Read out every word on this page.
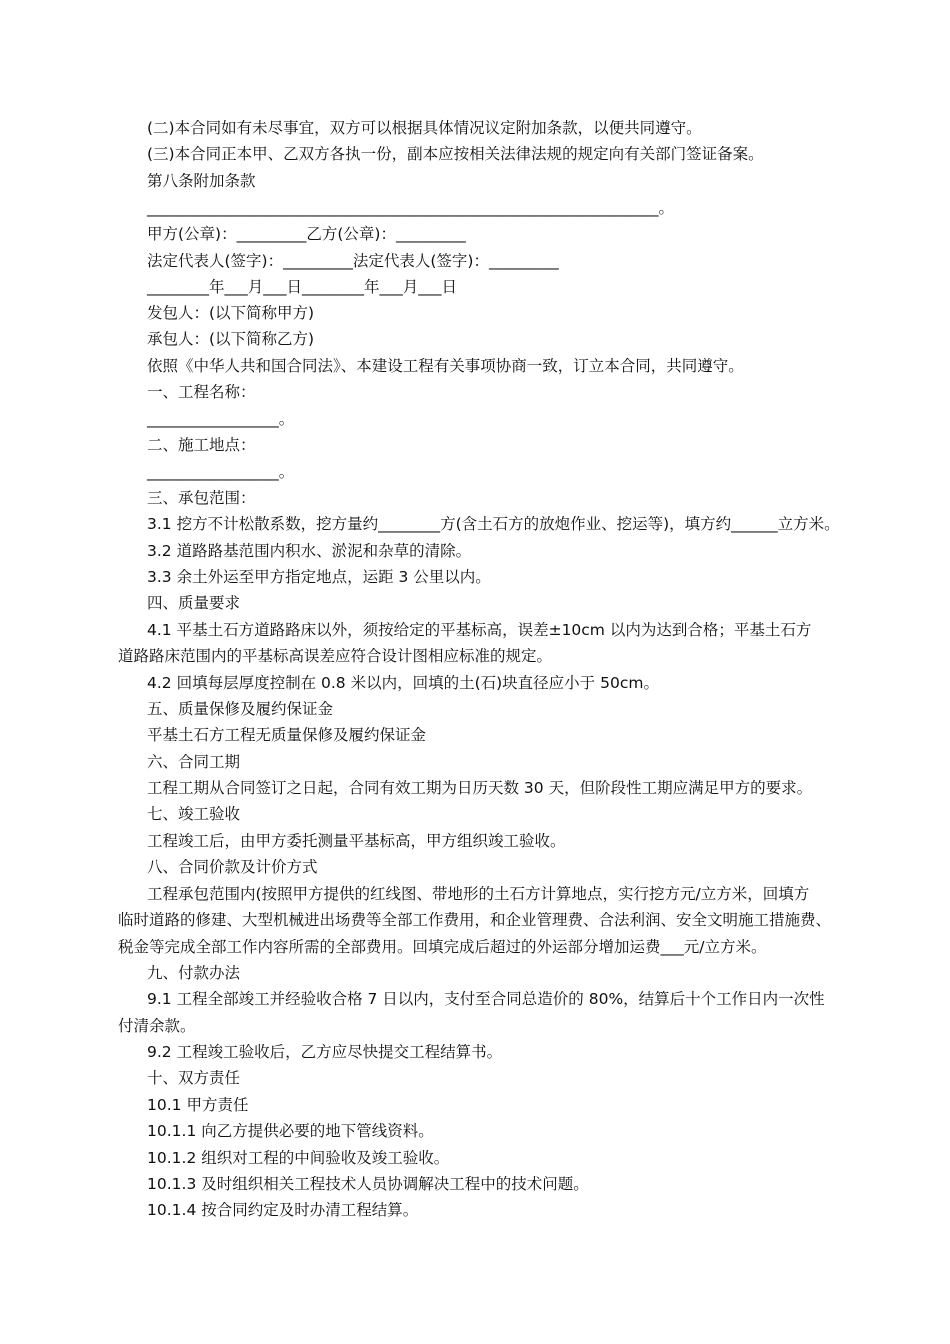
(二)本合同如有未尽事宜，双方可以根据具体情况议定附加条款，以便共同遵守。
(三)本合同正本甲、乙双方各执一份，副本应按相关法律法规的规定向有关部门签证备案。
第八条附加条款
__________________________________________________________________。
甲方(公章)：_________乙方(公章)：_________
法定代表人(签字)：_________法定代表人(签字)：_________
________年___月___日________年___月___日
发包人：(以下简称甲方)
承包人：(以下简称乙方)
依照《中华人共和国合同法》、本建设工程有关事项协商一致，订立本合同，共同遵守。
一、工程名称：
_________________。
二、施工地点：
_________________。
三、承包范围：
3.1 挖方不计松散系数，挖方量约________方(含土石方的放炮作业、挖运等)，填方约______立方米。
3.2 道路路基范围内积水、淤泥和杂草的清除。
3.3 余土外运至甲方指定地点，运距 3 公里以内。
四、质量要求
4.1 平基土石方道路路床以外，须按给定的平基标高，误差±10cm 以内为达到合格；平基土石方
道路路床范围内的平基标高误差应符合设计图相应标准的规定。
4.2 回填每层厚度控制在 0.8 米以内，回填的土(石)块直径应小于 50cm。
五、质量保修及履约保证金
平基土石方工程无质量保修及履约保证金
六、合同工期
工程工期从合同签订之日起，合同有效工期为日历天数 30 天，但阶段性工期应满足甲方的要求。
七、竣工验收
工程竣工后，由甲方委托测量平基标高，甲方组织竣工验收。
八、合同价款及计价方式
工程承包范围内(按照甲方提供的红线图、带地形的土石方计算地点，实行挖方元/立方米，回填方
临时道路的修建、大型机械进出场费等全部工作费用，和企业管理费、合法利润、安全文明施工措施费、
税金等完成全部工作内容所需的全部费用。回填完成后超过的外运部分增加运费___元/立方米。
九、付款办法
9.1 工程全部竣工并经验收合格 7 日以内，支付至合同总造价的 80%，结算后十个工作日内一次性
付清余款。
9.2 工程竣工验收后，乙方应尽快提交工程结算书。
十、双方责任
10.1 甲方责任
10.1.1 向乙方提供必要的地下管线资料。
10.1.2 组织对工程的中间验收及竣工验收。
10.1.3 及时组织相关工程技术人员协调解决工程中的技术问题。
10.1.4 按合同约定及时办清工程结算。
